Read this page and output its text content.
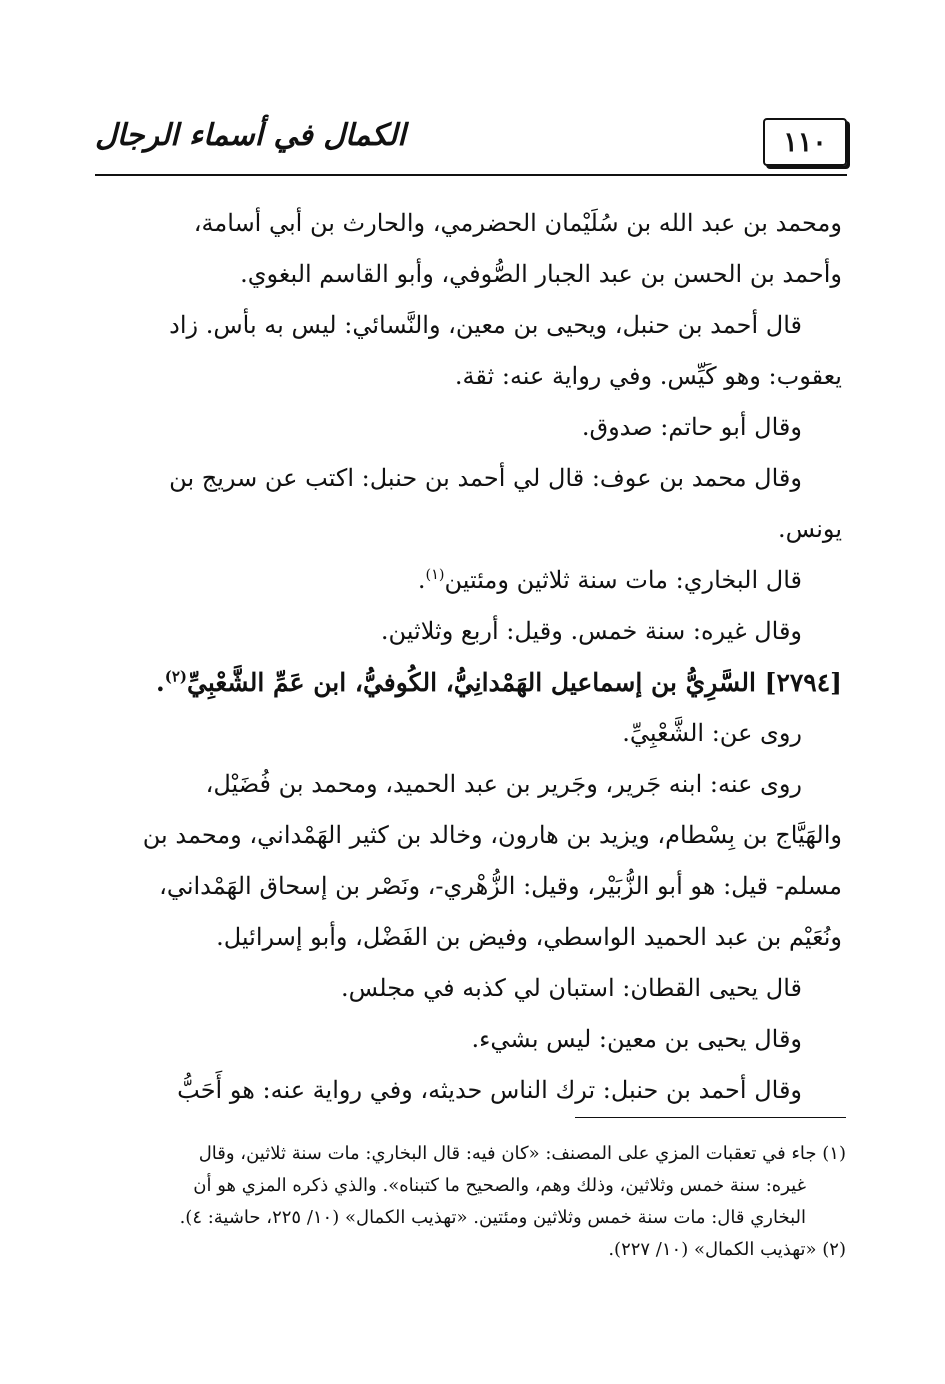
١١٠
الكمال في أسماء الرجال

ومحمد بن عبد الله بن سُلَيْمان الحضرمي، والحارث بن أبي أسامة،

وأحمد بن الحسن بن عبد الجبار الصُّوفي، وأبو القاسم البغوي.

قال أحمد بن حنبل، ويحيى بن معين، والنَّسائي: ليس به بأس. زاد

يعقوب: وهو كَيِّس. وفي رواية عنه: ثقة.

وقال أبو حاتم: صدوق.

وقال محمد بن عوف: قال لي أحمد بن حنبل: اكتب عن سريج بن

يونس.

قال البخاري: مات سنة ثلاثين ومئتين$^{(١)}$.

وقال غيره: سنة خمس. وقيل: أربع وثلاثين.

[٢٧٩٤] السَّرِيُّ بن إسماعيل الهَمْدانِيُّ، الكُوفيُّ، ابن عَمِّ الشَّعْبِيِّ$^{(٢)}$.

روى عن: الشَّعْبِيِّ.

روى عنه: ابنه جَرير، وجَرير بن عبد الحميد، ومحمد بن فُضَيْل،

والهَيَّاج بن بِسْطام، ويزيد بن هارون، وخالد بن كثير الهَمْداني، ومحمد بن

مسلم- قيل: هو أبو الزُّبَيْر، وقيل: الزُّهْري-، ونَصْر بن إسحاق الهَمْداني،

ونُعَيْم بن عبد الحميد الواسطي، وفيض بن الفَضْل، وأبو إسرائيل.

قال يحيى القطان: استبان لي كذبه في مجلس.

وقال يحيى بن معين: ليس بشيء.

وقال أحمد بن حنبل: ترك الناس حديثه، وفي رواية عنه: هو أَحَبُّ

(١) جاء في تعقبات المزي على المصنف: «كان فيه: قال البخاري: مات سنة ثلاثين، وقال

غيره: سنة خمس وثلاثين، وذلك وهم، والصحيح ما كتبناه». والذي ذكره المزي هو أن

البخاري قال: مات سنة خمس وثلاثين ومئتين. «تهذيب الكمال» (١٠/ ٢٢٥، حاشية: ٤).

(٢) «تهذيب الكمال» (١٠/ ٢٢٧).
